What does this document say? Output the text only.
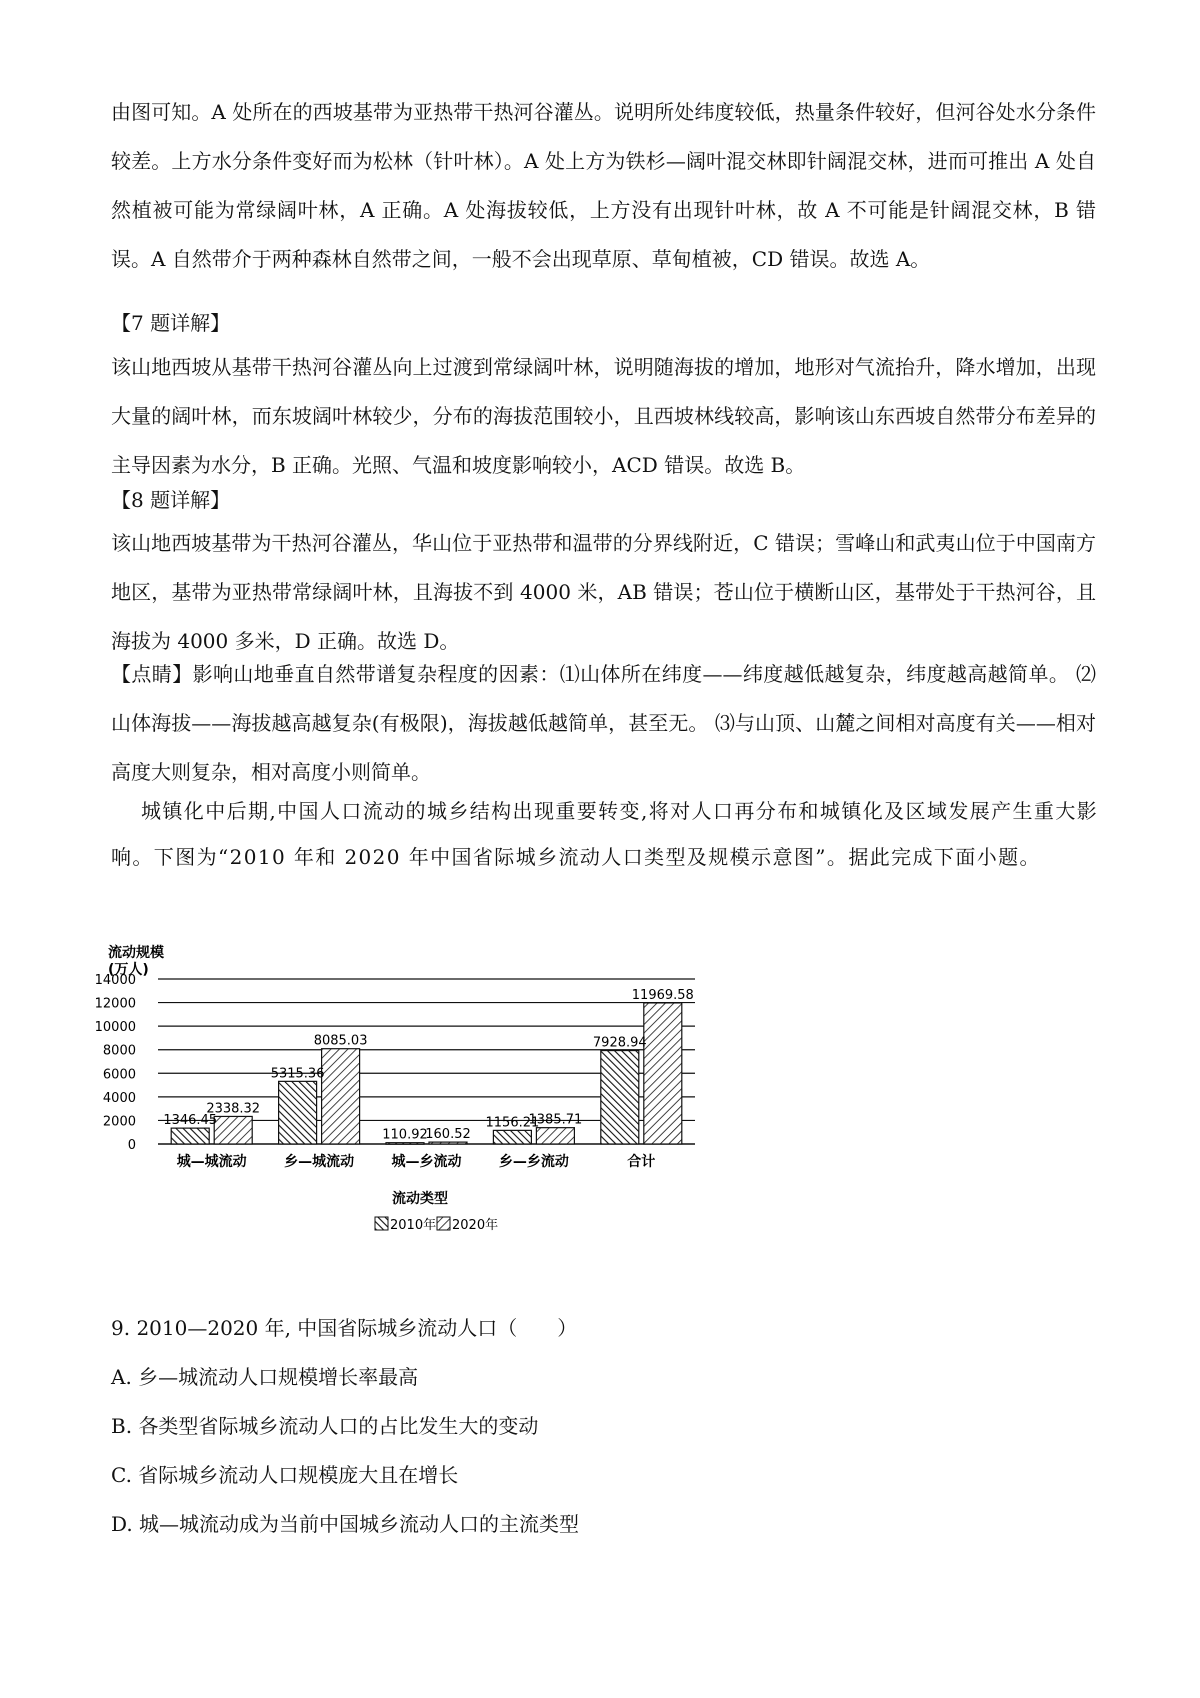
由图可知。A 处所在的西坡基带为亚热带干热河谷灌丛。说明所处纬度较低，热量条件较好，但河谷处水分条件较差。上方水分条件变好而为松林（针叶林）。A 处上方为铁杉—阔叶混交林即针阔混交林，进而可推出 A 处自然植被可能为常绿阔叶林，A 正确。A 处海拔较低，上方没有出现针叶林，故 A 不可能是针阔混交林，B 错误。A 自然带介于两种森林自然带之间，一般不会出现草原、草甸植被，CD 错误。故选 A。
【7 题详解】
该山地西坡从基带干热河谷灌丛向上过渡到常绿阔叶林，说明随海拔的增加，地形对气流抬升，降水增加，出现大量的阔叶林，而东坡阔叶林较少，分布的海拔范围较小，且西坡林线较高，影响该山东西坡自然带分布差异的主导因素为水分，B 正确。光照、气温和坡度影响较小，ACD 错误。故选 B。
【8 题详解】
该山地西坡基带为干热河谷灌丛，华山位于亚热带和温带的分界线附近，C 错误；雪峰山和武夷山位于中国南方地区，基带为亚热带常绿阔叶林，且海拔不到 4000 米，AB 错误；苍山位于横断山区，基带处于干热河谷，且海拔为 4000 多米，D 正确。故选 D。
【点睛】影响山地垂直自然带谱复杂程度的因素：⑴山体所在纬度——纬度越低越复杂，纬度越高越简单。 ⑵山体海拔——海拔越高越复杂(有极限)，海拔越低越简单，甚至无。 ⑶与山顶、山麓之间相对高度有关——相对高度大则复杂，相对高度小则简单。
城镇化中后期,中国人口流动的城乡结构出现重要转变,将对人口再分布和城镇化及区域发展产生重大影响。下图为“2010 年和 2020 年中国省际城乡流动人口类型及规模示意图”。据此完成下面小题。
流动规模
(万人)
0
2000
4000
6000
8000
10000
12000
14000
1346.45
2338.32
5315.36
8085.03
110.92
160.52
1156.21
1385.71
7928.94
11969.58
城—城流动	乡—城流动	城—乡流动	乡—乡流动	合计
流动类型
2010年 2020年
9. 2010—2020 年, 中国省际城乡流动人口（　　）
A. 乡—城流动人口规模增长率最高
B. 各类型省际城乡流动人口的占比发生大的变动
C. 省际城乡流动人口规模庞大且在增长
D. 城—城流动成为当前中国城乡流动人口的主流类型
